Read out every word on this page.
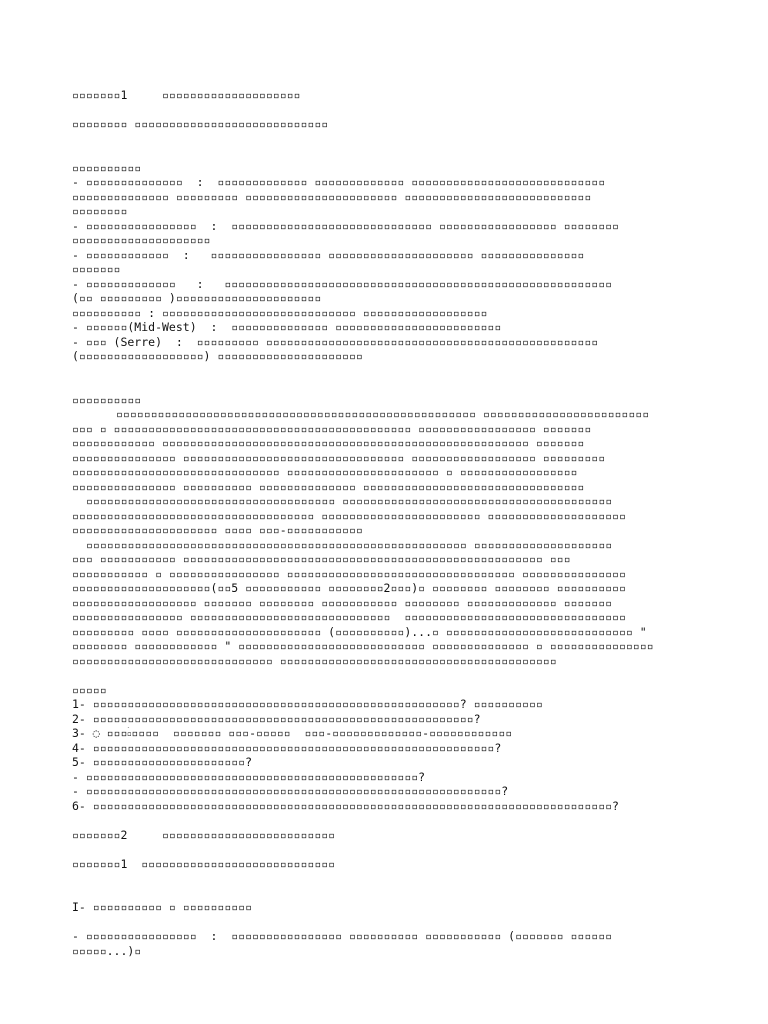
▫▫▫▫▫▫▫1     ▫▫▫▫▫▫▫▫▫▫▫▫▫▫▫▫▫▫▫▫
▫▫▫▫▫▫▫▫ ▫▫▫▫▫▫▫▫▫▫▫▫▫▫▫▫▫▫▫▫▫▫▫▫▫▫▫▫
▫▫▫▫▫▫▫▫▫▫
- ▫▫▫▫▫▫▫▫▫▫▫▫▫▫  :  ▫▫▫▫▫▫▫▫▫▫▫▫▫ ▫▫▫▫▫▫▫▫▫▫▫▫▫ ▫▫▫▫▫▫▫▫▫▫▫▫▫▫▫▫▫▫▫▫▫▫▫▫▫▫▫▫
▫▫▫▫▫▫▫▫▫▫▫▫▫▫ ▫▫▫▫▫▫▫▫▫ ▫▫▫▫▫▫▫▫▫▫▫▫▫▫▫▫▫▫▫▫▫▫ ▫▫▫▫▫▫▫▫▫▫▫▫▫▫▫▫▫▫▫▫▫▫▫▫▫▫▫
▫▫▫▫▫▫▫▫
- ▫▫▫▫▫▫▫▫▫▫▫▫▫▫▫▫  :  ▫▫▫▫▫▫▫▫▫▫▫▫▫▫▫▫▫▫▫▫▫▫▫▫▫▫▫▫▫ ▫▫▫▫▫▫▫▫▫▫▫▫▫▫▫▫▫ ▫▫▫▫▫▫▫▫
▫▫▫▫▫▫▫▫▫▫▫▫▫▫▫▫▫▫▫▫
- ▫▫▫▫▫▫▫▫▫▫▫▫  :   ▫▫▫▫▫▫▫▫▫▫▫▫▫▫▫▫ ▫▫▫▫▫▫▫▫▫▫▫▫▫▫▫▫▫▫▫▫▫ ▫▫▫▫▫▫▫▫▫▫▫▫▫▫▫
▫▫▫▫▫▫▫
- ▫▫▫▫▫▫▫▫▫▫▫▫▫   :   ▫▫▫▫▫▫▫▫▫▫▫▫▫▫▫▫▫▫▫▫▫▫▫▫▫▫▫▫▫▫▫▫▫▫▫▫▫▫▫▫▫▫▫▫▫▫▫▫▫▫▫▫▫▫▫▫
(▫▫ ▫▫▫▫▫▫▫▫▫ )▫▫▫▫▫▫▫▫▫▫▫▫▫▫▫▫▫▫▫▫▫
▫▫▫▫▫▫▫▫▫▫ : ▫▫▫▫▫▫▫▫▫▫▫▫▫▫▫▫▫▫▫▫▫▫▫▫▫▫▫▫ ▫▫▫▫▫▫▫▫▫▫▫▫▫▫▫▫▫▫
- ▫▫▫▫▫▫(Mid-West)  :  ▫▫▫▫▫▫▫▫▫▫▫▫▫▫ ▫▫▫▫▫▫▫▫▫▫▫▫▫▫▫▫▫▫▫▫▫▫▫▫
- ▫▫▫ (Serre)  :  ▫▫▫▫▫▫▫▫▫ ▫▫▫▫▫▫▫▫▫▫▫▫▫▫▫▫▫▫▫▫▫▫▫▫▫▫▫▫▫▫▫▫▫▫▫▫▫▫▫▫▫▫▫▫▫▫▫▫
(▫▫▫▫▫▫▫▫▫▫▫▫▫▫▫▫▫▫) ▫▫▫▫▫▫▫▫▫▫▫▫▫▫▫▫▫▫▫▫▫
▫▫▫▫▫▫▫▫▫▫
▫▫▫▫▫▫▫▫▫▫▫▫▫▫▫▫▫▫▫▫▫▫▫▫▫▫▫▫▫▫▫▫▫▫▫▫▫▫▫▫▫▫▫▫▫▫▫▫▫▫▫▫ ▫▫▫▫▫▫▫▫▫▫▫▫▫▫▫▫▫▫▫▫▫▫▫▫
▫▫▫ ▫ ▫▫▫▫▫▫▫▫▫▫▫▫▫▫▫▫▫▫▫▫▫▫▫▫▫▫▫▫▫▫▫▫▫▫▫▫▫▫▫▫▫▫▫ ▫▫▫▫▫▫▫▫▫▫▫▫▫▫▫▫▫ ▫▫▫▫▫▫▫
▫▫▫▫▫▫▫▫▫▫▫▫ ▫▫▫▫▫▫▫▫▫▫▫▫▫▫▫▫▫▫▫▫▫▫▫▫▫▫▫▫▫▫▫▫▫▫▫▫▫▫▫▫▫▫▫▫▫▫▫▫▫▫▫▫▫ ▫▫▫▫▫▫▫
▫▫▫▫▫▫▫▫▫▫▫▫▫▫▫ ▫▫▫▫▫▫▫▫▫▫▫▫▫▫▫▫▫▫▫▫▫▫▫▫▫▫▫▫▫▫▫▫ ▫▫▫▫▫▫▫▫▫▫▫▫▫▫▫▫▫▫ ▫▫▫▫▫▫▫▫▫
▫▫▫▫▫▫▫▫▫▫▫▫▫▫▫▫▫▫▫▫▫▫▫▫▫▫▫▫▫▫ ▫▫▫▫▫▫▫▫▫▫▫▫▫▫▫▫▫▫▫▫▫▫ ▫ ▫▫▫▫▫▫▫▫▫▫▫▫▫▫▫▫▫
▫▫▫▫▫▫▫▫▫▫▫▫▫▫▫ ▫▫▫▫▫▫▫▫▫▫ ▫▫▫▫▫▫▫▫▫▫▫▫▫▫ ▫▫▫▫▫▫▫▫▫▫▫▫▫▫▫▫▫▫▫▫▫▫▫▫▫▫▫▫▫▫▫▫
▫▫▫▫▫▫▫▫▫▫▫▫▫▫▫▫▫▫▫▫▫▫▫▫▫▫▫▫▫▫▫▫▫▫▫▫ ▫▫▫▫▫▫▫▫▫▫▫▫▫▫▫▫▫▫▫▫▫▫▫▫▫▫▫▫▫▫▫▫▫▫▫▫▫▫▫
▫▫▫▫▫▫▫▫▫▫▫▫▫▫▫▫▫▫▫▫▫▫▫▫▫▫▫▫▫▫▫▫▫▫▫ ▫▫▫▫▫▫▫▫▫▫▫▫▫▫▫▫▫▫▫▫▫▫▫ ▫▫▫▫▫▫▫▫▫▫▫▫▫▫▫▫▫▫▫▫
▫▫▫▫▫▫▫▫▫▫▫▫▫▫▫▫▫▫▫▫▫ ▫▫▫▫ ▫▫▫-▫▫▫▫▫▫▫▫▫▫▫
▫▫▫▫▫▫▫▫▫▫▫▫▫▫▫▫▫▫▫▫▫▫▫▫▫▫▫▫▫▫▫▫▫▫▫▫▫▫▫▫▫▫▫▫▫▫▫▫▫▫▫▫▫▫▫ ▫▫▫▫▫▫▫▫▫▫▫▫▫▫▫▫▫▫▫▫
▫▫▫ ▫▫▫▫▫▫▫▫▫▫▫ ▫▫▫▫▫▫▫▫▫▫▫▫▫▫▫▫▫▫▫▫▫▫▫▫▫▫▫▫▫▫▫▫▫▫▫▫▫▫▫▫▫▫▫▫▫▫▫▫▫▫▫▫ ▫▫▫
▫▫▫▫▫▫▫▫▫▫▫ ▫ ▫▫▫▫▫▫▫▫▫▫▫▫▫▫▫▫ ▫▫▫▫▫▫▫▫▫▫▫▫▫▫▫▫▫▫▫▫▫▫▫▫▫▫▫▫▫▫▫▫▫ ▫▫▫▫▫▫▫▫▫▫▫▫▫▫▫
▫▫▫▫▫▫▫▫▫▫▫▫▫▫▫▫▫▫▫▫(▫▫5 ▫▫▫▫▫▫▫▫▫▫▫ ▫▫▫▫▫▫▫▫2▫▫▫)▫ ▫▫▫▫▫▫▫▫ ▫▫▫▫▫▫▫▫ ▫▫▫▫▫▫▫▫▫▫
▫▫▫▫▫▫▫▫▫▫▫▫▫▫▫▫▫▫ ▫▫▫▫▫▫▫ ▫▫▫▫▫▫▫▫ ▫▫▫▫▫▫▫▫▫▫▫ ▫▫▫▫▫▫▫▫ ▫▫▫▫▫▫▫▫▫▫▫▫▫ ▫▫▫▫▫▫▫
▫▫▫▫▫▫▫▫▫▫▫▫▫▫▫▫ ▫▫▫▫▫▫▫▫▫▫▫▫▫▫▫▫▫▫▫▫▫▫▫▫▫▫▫▫▫  ▫▫▫▫▫▫▫▫▫▫▫▫▫▫▫▫▫▫▫▫▫▫▫▫▫▫▫▫▫▫▫▫
▫▫▫▫▫▫▫▫▫ ▫▫▫▫ ▫▫▫▫▫▫▫▫▫▫▫▫▫▫▫▫▫▫▫▫▫ (▫▫▫▫▫▫▫▫▫▫)...▫ ▫▫▫▫▫▫▫▫▫▫▫▫▫▫▫▫▫▫▫▫▫▫▫▫▫▫▫ "
▫▫▫▫▫▫▫▫ ▫▫▫▫▫▫▫▫▫▫▫▫ " ▫▫▫▫▫▫▫▫▫▫▫▫▫▫▫▫▫▫▫▫▫▫▫▫▫▫▫ ▫▫▫▫▫▫▫▫▫▫▫▫▫▫ ▫ ▫▫▫▫▫▫▫▫▫▫▫▫▫▫▫
▫▫▫▫▫▫▫▫▫▫▫▫▫▫▫▫▫▫▫▫▫▫▫▫▫▫▫▫▫ ▫▫▫▫▫▫▫▫▫▫▫▫▫▫▫▫▫▫▫▫▫▫▫▫▫▫▫▫▫▫▫▫▫▫▫▫▫▫▫▫
▫▫▫▫▫
1- ▫▫▫▫▫▫▫▫▫▫▫▫▫▫▫▫▫▫▫▫▫▫▫▫▫▫▫▫▫▫▫▫▫▫▫▫▫▫▫▫▫▫▫▫▫▫▫▫▫▫▫▫▫? ▫▫▫▫▫▫▫▫▫▫
2- ▫▫▫▫▫▫▫▫▫▫▫▫▫▫▫▫▫▫▫▫▫▫▫▫▫▫▫▫▫▫▫▫▫▫▫▫▫▫▫▫▫▫▫▫▫▫▫▫▫▫▫▫▫▫▫?
3- ◌ ▫▫▫▫ۛ▫▫▫▫  ▫▫▫▫▫▫▫ ▫▫▫-▫▫▫▫▫  ▫▫▫-▫▫▫▫▫▫▫▫▫▫▫▫▫-▫▫▫▫▫▫▫▫▫▫▫▫
4- ▫▫▫▫▫▫▫▫▫▫▫▫▫▫▫▫▫▫▫▫▫▫▫▫▫▫▫▫▫▫▫▫▫▫▫▫▫▫▫▫▫▫▫▫▫▫▫▫▫▫▫▫▫▫▫▫▫▫?
5- ▫▫▫▫▫▫▫▫▫▫▫▫▫▫▫▫▫▫▫▫▫▫?
- ▫▫▫▫▫▫▫▫▫▫▫▫▫▫▫▫▫▫▫▫▫▫▫▫▫▫▫▫▫▫▫▫▫▫▫▫▫▫▫▫▫▫▫▫▫▫▫▫?
- ▫▫▫▫▫▫▫▫▫▫▫▫▫▫▫▫▫▫▫▫▫▫▫▫▫▫▫▫▫▫▫▫▫▫▫▫▫▫▫▫▫▫▫▫▫▫▫▫▫▫▫▫▫▫▫▫▫▫▫▫?
6- ▫▫▫▫▫▫▫▫▫▫▫▫▫▫▫▫▫▫▫▫▫▫▫▫▫▫▫▫▫▫▫▫▫▫▫▫▫▫▫▫▫▫▫▫▫▫▫▫▫▫▫▫▫▫▫▫▫▫▫▫▫▫▫▫▫▫▫▫▫▫▫▫▫▫▫?
▫▫▫▫▫▫▫2     ▫▫▫▫▫▫▫▫▫▫▫▫▫▫▫▫▫▫▫▫▫▫▫▫▫
▫▫▫▫▫▫▫1  ▫▫▫▫▫▫▫▫▫▫▫▫▫▫▫▫▫▫▫▫▫▫▫▫▫▫▫▫
I- ▫▫▫▫▫▫▫▫▫▫ ▫ ▫▫▫▫▫▫▫▫▫▫
- ▫▫▫▫▫▫▫▫▫▫▫▫▫▫▫▫  :  ▫▫▫▫▫▫▫▫▫▫▫▫▫▫▫▫ ▫▫▫▫▫▫▫▫▫▫ ▫▫▫▫▫▫▫▫▫▫▫ (▫▫▫▫▫▫▫ ▫▫▫▫▫▫
▫▫▫▫▫...)▫
